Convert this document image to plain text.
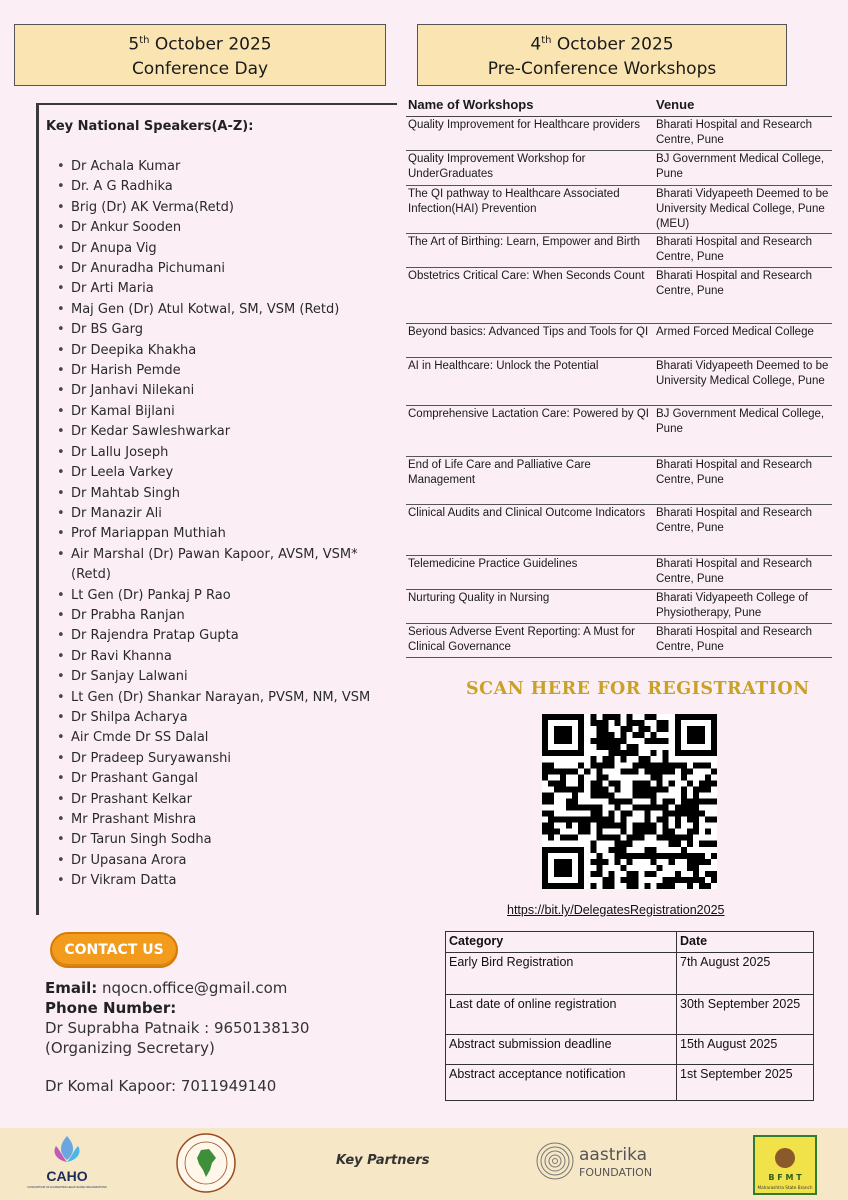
5th October 2025
Conference Day
4th October 2025
Pre-Conference Workshops
Key National Speakers(A-Z):
• Dr Achala Kumar
• Dr. A G Radhika
• Brig (Dr) AK Verma(Retd)
• Dr Ankur Sooden
• Dr Anupa Vig
• Dr Anuradha Pichumani
• Dr Arti Maria
• Maj Gen (Dr) Atul Kotwal, SM, VSM (Retd)
• Dr BS Garg
• Dr Deepika Khakha
• Dr Harish Pemde
• Dr Janhavi Nilekani
• Dr Kamal Bijlani
• Dr Kedar Sawleshwarkar
• Dr Lallu Joseph
• Dr Leela Varkey
• Dr Mahtab Singh
• Dr Manazir Ali
• Prof Mariappan Muthiah
• Air Marshal (Dr) Pawan Kapoor, AVSM, VSM* (Retd)
• Lt Gen (Dr) Pankaj P Rao
• Dr Prabha Ranjan
• Dr Rajendra Pratap Gupta
• Dr Ravi Khanna
• Dr Sanjay Lalwani
• Lt Gen (Dr) Shankar Narayan, PVSM, NM, VSM
• Dr Shilpa Acharya
• Air Cmde Dr SS Dalal
• Dr Pradeep Suryawanshi
• Dr Prashant Gangal
• Dr Prashant Kelkar
• Mr Prashant Mishra
• Dr Tarun Singh Sodha
• Dr Upasana Arora
• Dr Vikram Datta
CONTACT US
Email: nqocn.office@gmail.com
Phone Number:
Dr Suprabha Patnaik : 9650138130
(Organizing Secretary)
Dr Komal Kapoor: 7011949140
Name of Workshops	Venue
Quality Improvement for Healthcare providers	Bharati Hospital and Research Centre, Pune
Quality Improvement Workshop for UnderGraduates	BJ Government Medical College, Pune
The QI pathway to Healthcare Associated Infection(HAI) Prevention	Bharati Vidyapeeth Deemed to be University Medical College, Pune (MEU)
The Art of Birthing: Learn, Empower and Birth	Bharati Hospital and Research Centre, Pune
Obstetrics Critical Care: When Seconds Count	Bharati Hospital and Research Centre, Pune
Beyond basics: Advanced Tips and Tools for QI	Armed Forced Medical College
AI in Healthcare: Unlock the Potential	Bharati Vidyapeeth Deemed to be University Medical College, Pune
Comprehensive Lactation Care: Powered by QI	BJ Government Medical College, Pune
End of Life Care and Palliative Care Management	Bharati Hospital and Research Centre, Pune
Clinical Audits and Clinical Outcome Indicators	Bharati Hospital and Research Centre, Pune
Telemedicine Practice Guidelines	Bharati Hospital and Research Centre, Pune
Nurturing Quality in Nursing	Bharati Vidyapeeth College of Physiotherapy, Pune
Serious Adverse Event Reporting: A Must for Clinical Governance	Bharati Hospital and Research Centre, Pune
SCAN HERE FOR REGISTRATION
https://bit.ly/DelegatesRegistration2025
Category	Date
Early Bird Registration	7th August 2025
Last date of online registration	30th September 2025
Abstract submission deadline	15th August 2025
Abstract acceptance notification	1st September 2025
CAHO
CONSORTIUM OF ACCREDITED HEALTHCARE ORGANIZATIONS
Key Partners	aastrika
FOUNDATION	B F M T
Maharashtra State Branch
